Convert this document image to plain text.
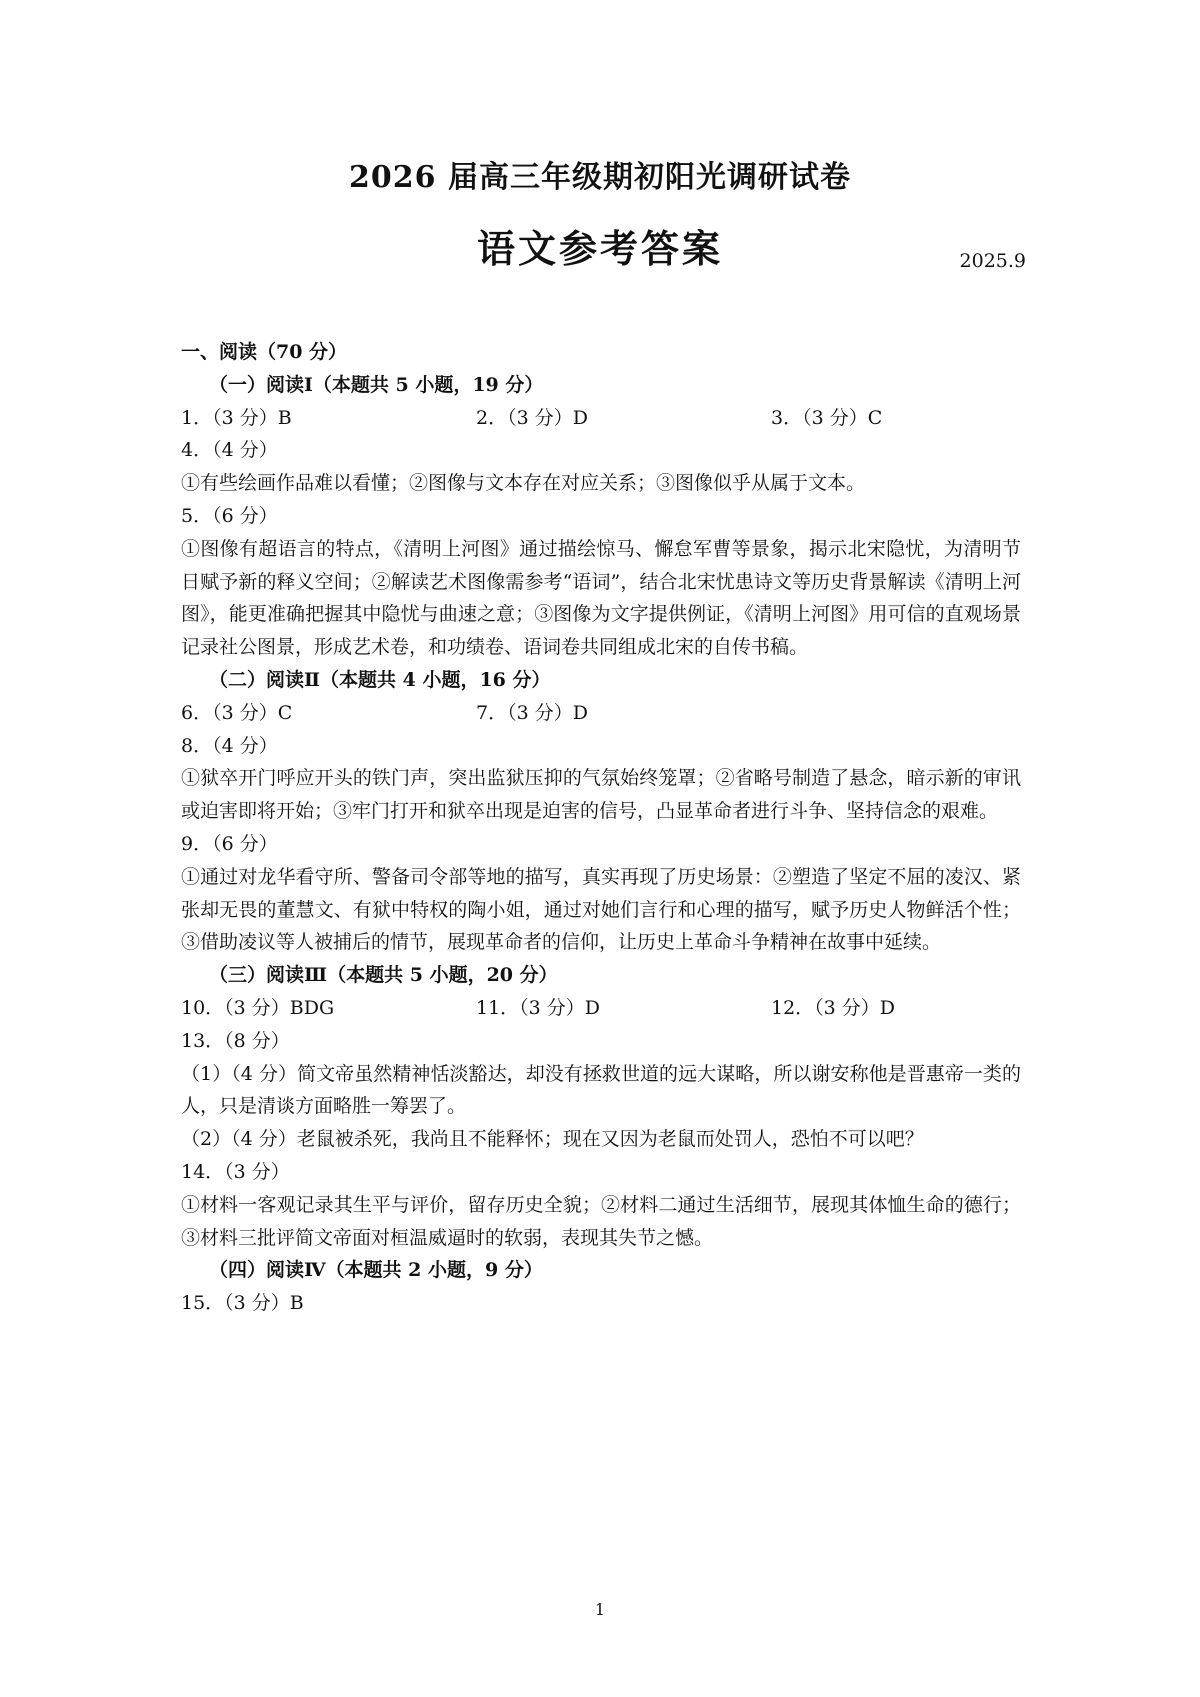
2026 届高三年级期初阳光调研试卷
语文参考答案	2025.9
一、阅读（70 分）
（一）阅读Ⅰ（本题共 5 小题，19 分）
1．（3 分）B	2．（3 分）D	3．（3 分）C
4．（4 分）
①有些绘画作品难以看懂；②图像与文本存在对应关系；③图像似乎从属于文本。
5．（6 分）
①图像有超语言的特点，《清明上河图》通过描绘惊马、懈怠军曹等景象，揭示北宋隐忧，为清明节日赋予新的释义空间；②解读艺术图像需参考“语词”，结合北宋忧患诗文等历史背景解读《清明上河图》，能更准确把握其中隐忧与曲速之意；③图像为文字提供例证，《清明上河图》用可信的直观场景记录社公图景，形成艺术卷，和功绩卷、语词卷共同组成北宋的自传书稿。
（二）阅读Ⅱ（本题共 4 小题，16 分）
6．（3 分）C	7．（3 分）D
8．（4 分）
①狱卒开门呼应开头的铁门声，突出监狱压抑的气氛始终笼罩；②省略号制造了悬念，暗示新的审讯或迫害即将开始；③牢门打开和狱卒出现是迫害的信号，凸显革命者进行斗争、坚持信念的艰难。
9．（6 分）
①通过对龙华看守所、警备司令部等地的描写，真实再现了历史场景：②塑造了坚定不屈的凌汉、紧张却无畏的董慧文、有狱中特权的陶小姐，通过对她们言行和心理的描写，赋予历史人物鲜活个性；③借助凌议等人被捕后的情节，展现革命者的信仰，让历史上革命斗争精神在故事中延续。
（三）阅读Ⅲ（本题共 5 小题，20 分）
10．（3 分）BDG	11．（3 分）D	12．（3 分）D
13．（8 分）
（1）（4 分）简文帝虽然精神恬淡豁达，却没有拯救世道的远大谋略，所以谢安称他是晋惠帝一类的人，只是清谈方面略胜一筹罢了。
（2）（4 分）老鼠被杀死，我尚且不能释怀；现在又因为老鼠而处罚人，恐怕不可以吧？
14．（3 分）
①材料一客观记录其生平与评价，留存历史全貌；②材料二通过生活细节，展现其体恤生命的德行；③材料三批评简文帝面对桓温威逼时的软弱，表现其失节之憾。
（四）阅读Ⅳ（本题共 2 小题，9 分）
15．（3 分）B
1
